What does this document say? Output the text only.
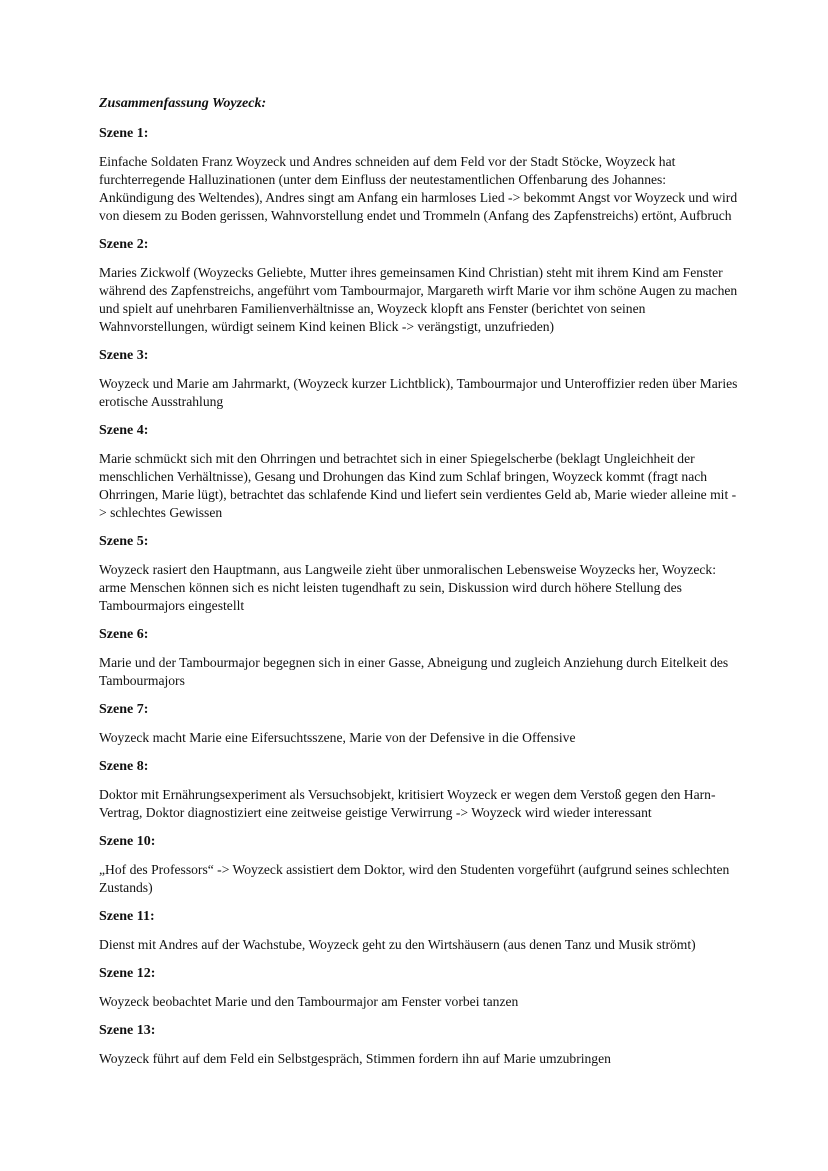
Zusammenfassung Woyzeck:

Szene 1:

Einfache Soldaten Franz Woyzeck und Andres schneiden auf dem Feld vor der Stadt Stöcke, Woyzeck hat furchterregende Halluzinationen (unter dem Einfluss der neutestamentlichen Offenbarung des Johannes: Ankündigung des Weltendes), Andres singt am Anfang ein harmloses Lied -> bekommt Angst vor Woyzeck und wird von diesem zu Boden gerissen, Wahnvorstellung endet und Trommeln (Anfang des Zapfenstreichs) ertönt, Aufbruch

Szene 2:

Maries Zickwolf (Woyzecks Geliebte, Mutter ihres gemeinsamen Kind Christian) steht mit ihrem Kind am Fenster während des Zapfenstreichs, angeführt vom Tambourmajor, Margareth wirft Marie vor ihm schöne Augen zu machen und spielt auf unehrbaren Familienverhältnisse an, Woyzeck klopft ans Fenster (berichtet von seinen Wahnvorstellungen, würdigt seinem Kind keinen Blick -> verängstigt, unzufrieden)

Szene 3:

Woyzeck und Marie am Jahrmarkt, (Woyzeck kurzer Lichtblick), Tambourmajor und Unteroffizier reden über Maries erotische Ausstrahlung

Szene 4:

Marie schmückt sich mit den Ohrringen und betrachtet sich in einer Spiegelscherbe (beklagt Ungleichheit der menschlichen Verhältnisse), Gesang und Drohungen das Kind zum Schlaf bringen, Woyzeck kommt (fragt nach Ohrringen, Marie lügt), betrachtet das schlafende Kind und liefert sein verdientes Geld ab, Marie wieder alleine mit -> schlechtes Gewissen

Szene 5:

Woyzeck rasiert den Hauptmann, aus Langweile zieht über unmoralischen Lebensweise Woyzecks her, Woyzeck: arme Menschen können sich es nicht leisten tugendhaft zu sein, Diskussion wird durch höhere Stellung des Tambourmajors eingestellt

Szene 6:

Marie und der Tambourmajor begegnen sich in einer Gasse, Abneigung und zugleich Anziehung durch Eitelkeit des Tambourmajors

Szene 7:

Woyzeck macht Marie eine Eifersuchtsszene, Marie von der Defensive in die Offensive

Szene 8:

Doktor mit Ernährungsexperiment als Versuchsobjekt, kritisiert Woyzeck er wegen dem Verstoß gegen den Harn-Vertrag, Doktor diagnostiziert eine zeitweise geistige Verwirrung -> Woyzeck wird wieder interessant

Szene 10:

„Hof des Professors“ -> Woyzeck assistiert dem Doktor, wird den Studenten vorgeführt (aufgrund seines schlechten Zustands)

Szene 11:

Dienst mit Andres auf der Wachstube, Woyzeck geht zu den Wirtshäusern (aus denen Tanz und Musik strömt)

Szene 12:

Woyzeck beobachtet Marie und den Tambourmajor am Fenster vorbei tanzen

Szene 13:

Woyzeck führt auf dem Feld ein Selbstgespräch, Stimmen fordern ihn auf Marie umzubringen
